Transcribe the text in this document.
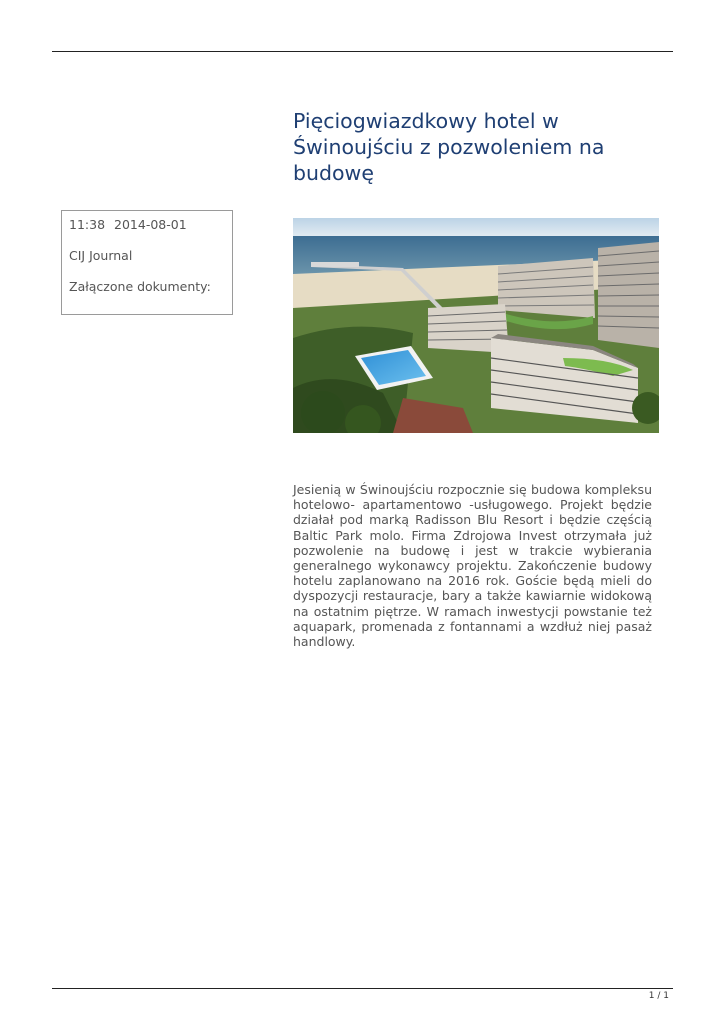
11:38 2014-08-01
CIJ Journal
Załączone dokumenty:
Pięciogwiazdkowy hotel w Świnoujściu z pozwoleniem na budowę

Jesienią w Świnoujściu rozpocznie się budowa kompleksu hotelowo- apartamentowo -usługowego. Projekt będzie działał pod marką Radisson Blu Resort i będzie częścią Baltic Park molo. Firma Zdrojowa Invest otrzymała już pozwolenie na budowę i jest w trakcie wybierania generalnego wykonawcy projektu. Zakończenie budowy hotelu zaplanowano na 2016 rok. Goście będą mieli do dyspozycji restauracje, bary a także kawiarnie widokową na ostatnim piętrze. W ramach inwestycji powstanie też aquapark, promenada z fontannami a wzdłuż niej pasaż handlowy.

1 / 1
